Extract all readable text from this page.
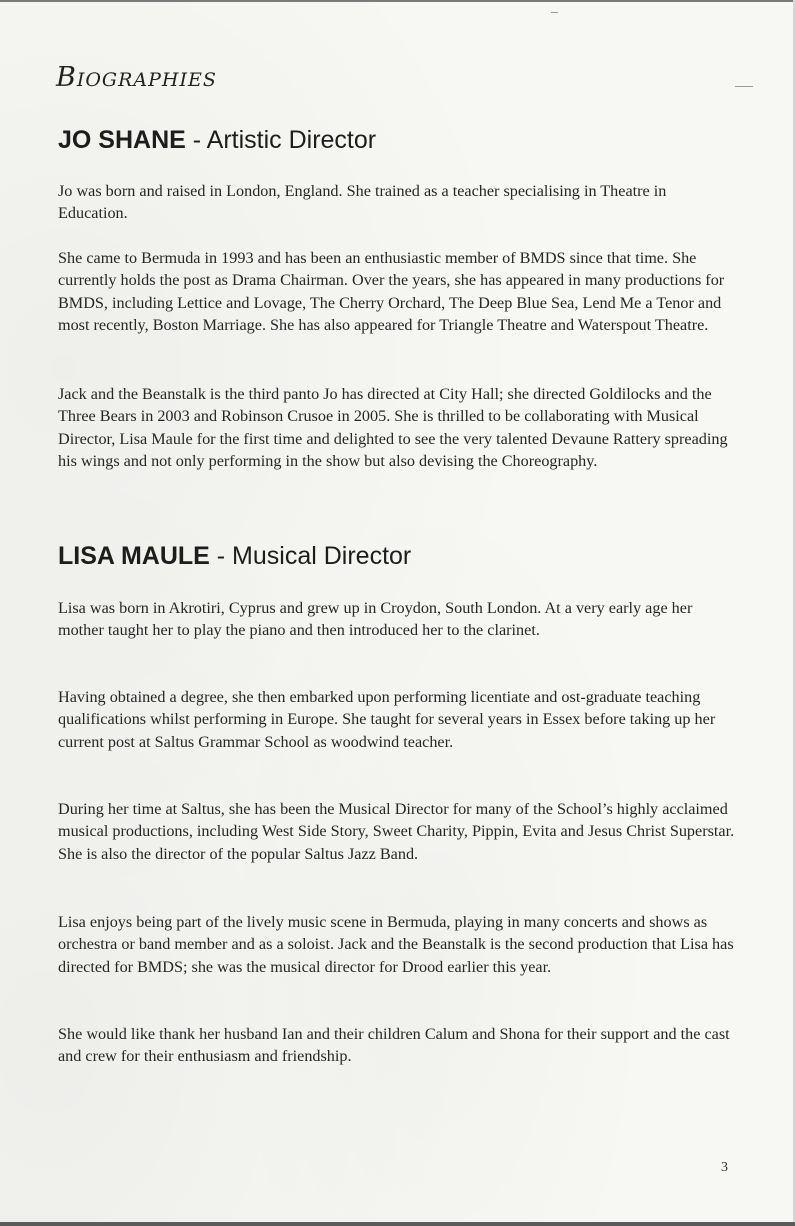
Biographies
JO SHANE - Artistic Director

Jo was born and raised in London, England. She trained as a teacher specialising in Theatre in Education.

She came to Bermuda in 1993 and has been an enthusiastic member of BMDS since that time. She currently holds the post as Drama Chairman. Over the years, she has appeared in many productions for BMDS, including Lettice and Lovage, The Cherry Orchard, The Deep Blue Sea, Lend Me a Tenor and most recently, Boston Marriage. She has also appeared for Triangle Theatre and Waterspout Theatre.

Jack and the Beanstalk is the third panto Jo has directed at City Hall; she directed Goldilocks and the Three Bears in 2003 and Robinson Crusoe in 2005. She is thrilled to be collaborating with Musical Director, Lisa Maule for the first time and delighted to see the very talented Devaune Rattery spreading his wings and not only performing in the show but also devising the Choreography.

LISA MAULE - Musical Director

Lisa was born in Akrotiri, Cyprus and grew up in Croydon, South London. At a very early age her mother taught her to play the piano and then introduced her to the clarinet.

Having obtained a degree, she then embarked upon performing licentiate and ost-graduate teaching qualifications whilst performing in Europe. She taught for several years in Essex before taking up her current post at Saltus Grammar School as woodwind teacher.

During her time at Saltus, she has been the Musical Director for many of the School’s highly acclaimed musical productions, including West Side Story, Sweet Charity, Pippin, Evita and Jesus Christ Superstar. She is also the director of the popular Saltus Jazz Band.

Lisa enjoys being part of the lively music scene in Bermuda, playing in many concerts and shows as orchestra or band member and as a soloist. Jack and the Beanstalk is the second production that Lisa has directed for BMDS; she was the musical director for Drood earlier this year.

She would like thank her husband Ian and their children Calum and Shona for their support and the cast and crew for their enthusiasm and friendship.

3
